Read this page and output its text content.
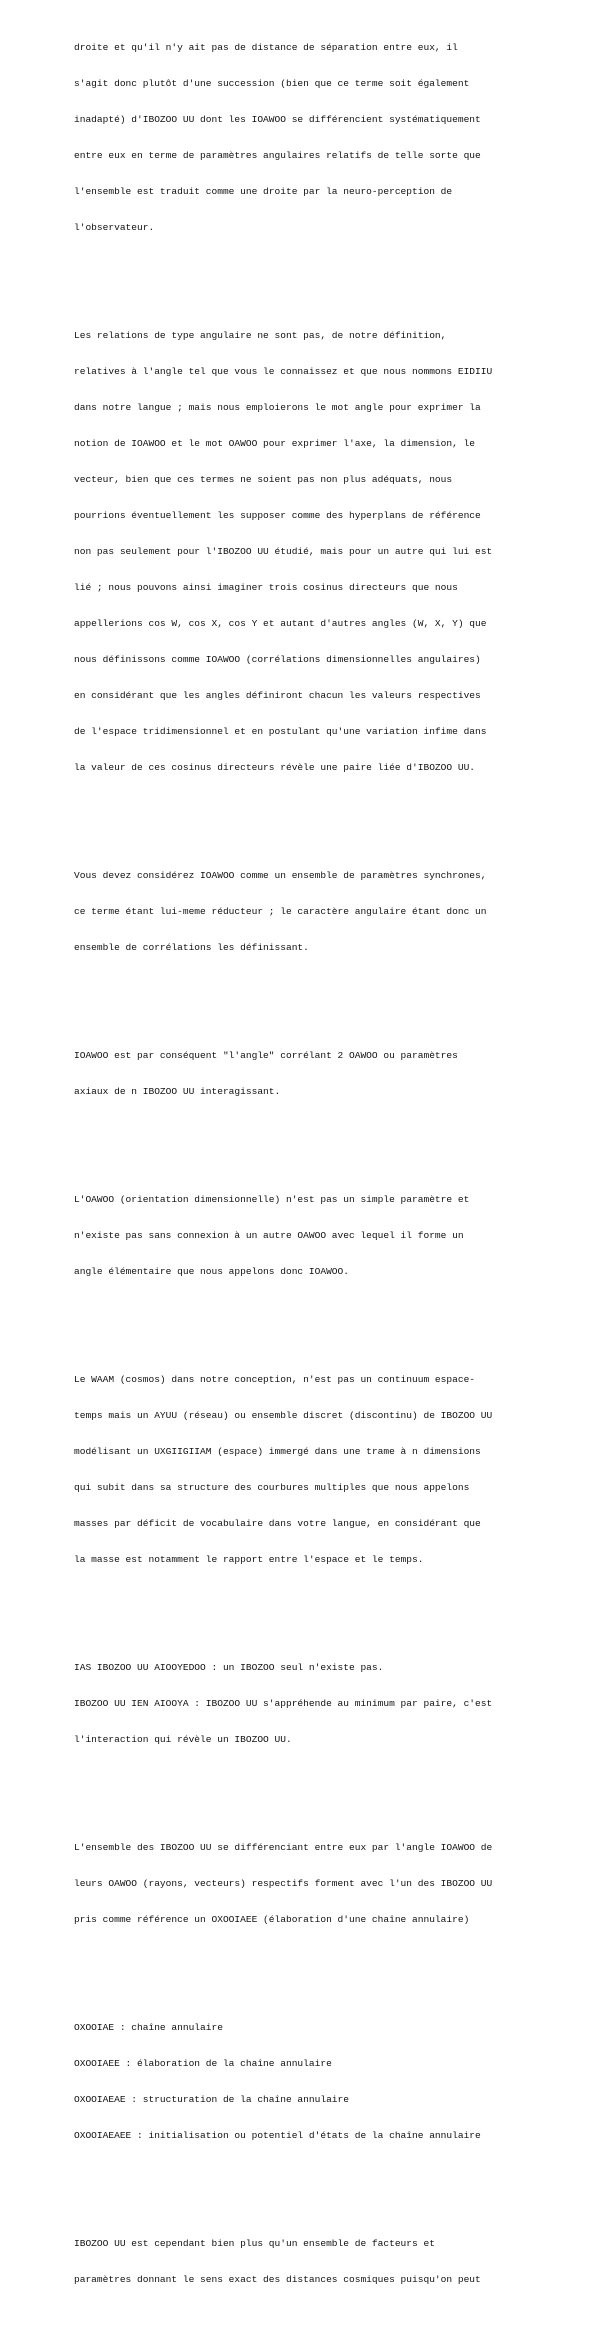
droite et qu'il n'y ait pas de distance de séparation entre eux, il

s'agit donc plutôt d'une succession (bien que ce terme soit également

inadapté) d'IBOZOO UU dont les IOAWOO se différencient systématiquement

entre eux en terme de paramètres angulaires relatifs de telle sorte que

l'ensemble est traduit comme une droite par la neuro-perception de

l'observateur.

Les relations de type angulaire ne sont pas, de notre définition,

relatives à l'angle tel que vous le connaissez et que nous nommons EIDIIU

dans notre langue ; mais nous emploierons le mot angle pour exprimer la

notion de IOAWOO et le mot OAWOO pour exprimer l'axe, la dimension, le

vecteur, bien que ces termes ne soient pas non plus adéquats, nous

pourrions éventuellement les supposer comme des hyperplans de référence

non pas seulement pour l'IBOZOO UU étudié, mais pour un autre qui lui est

lié ; nous pouvons ainsi imaginer trois cosinus directeurs que nous

appellerions cos W, cos X, cos Y et autant d'autres angles (W, X, Y) que

nous définissons comme IOAWOO (corrélations dimensionnelles angulaires)

en considérant que les angles définiront chacun les valeurs respectives

de l'espace tridimensionnel et en postulant qu'une variation infime dans

la valeur de ces cosinus directeurs révèle une paire liée d'IBOZOO UU.

Vous devez considérez IOAWOO comme un ensemble de paramètres synchrones,

ce terme étant lui-meme réducteur ; le caractère angulaire étant donc un

ensemble de corrélations les définissant.

IOAWOO est par conséquent "l'angle" corrélant 2 OAWOO ou paramètres

axiaux de n IBOZOO UU interagissant.

L'OAWOO (orientation dimensionnelle) n'est pas un simple paramètre et

n'existe pas sans connexion à un autre OAWOO avec lequel il forme un

angle élémentaire que nous appelons donc IOAWOO.

Le WAAM (cosmos) dans notre conception, n'est pas un continuum espace-

temps mais un AYUU (réseau) ou ensemble discret (discontinu) de IBOZOO UU

modélisant un UXGIIGIIAM (espace) immergé dans une trame à n dimensions

qui subit dans sa structure des courbures multiples que nous appelons

masses par déficit de vocabulaire dans votre langue, en considérant que

la masse est notamment le rapport entre l'espace et le temps.

IAS IBOZOO UU AIOOYEDOO : un IBOZOO seul n'existe pas.

IBOZOO UU IEN AIOOYA : IBOZOO UU s'appréhende au minimum par paire, c'est

l'interaction qui révèle un IBOZOO UU.

L'ensemble des IBOZOO UU se différenciant entre eux par l'angle IOAWOO de

leurs OAWOO (rayons, vecteurs) respectifs forment avec l'un des IBOZOO UU

pris comme référence un OXOOIAEE (élaboration d'une chaîne annulaire)

OXOOIAE : chaîne annulaire

OXOOIAEE : élaboration de la chaîne annulaire

OXOOIAEAE : structuration de la chaîne annulaire

OXOOIAEAEE : initialisation ou potentiel d'états de la chaîne annulaire

IBOZOO UU est cependant bien plus qu'un ensemble de facteurs et

paramètres donnant le sens exact des distances cosmiques puisqu'on peut
